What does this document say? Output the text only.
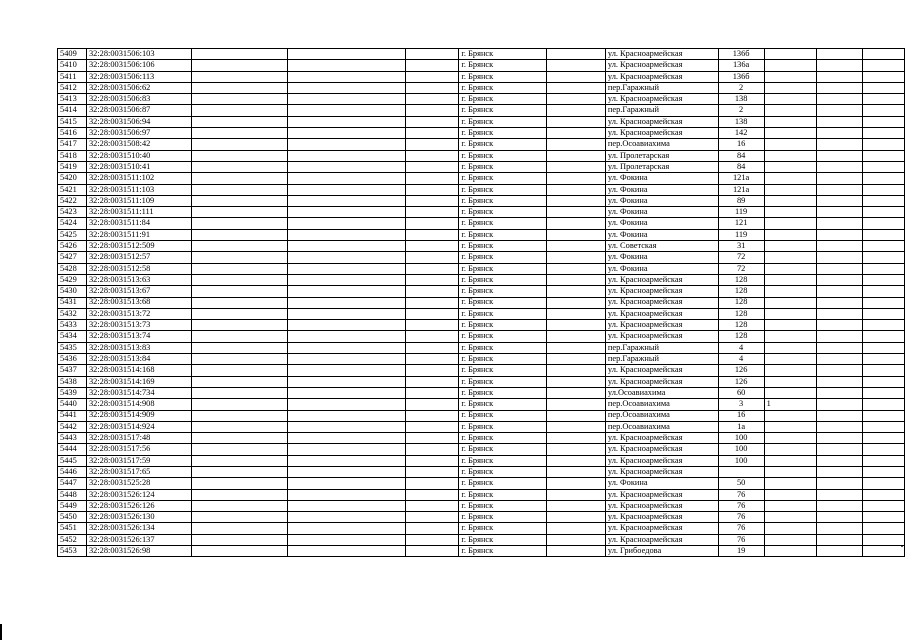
5409	32:28:0031506:103				г. Брянск		ул. Красноармейская	136б			
5410	32:28:0031506:106				г. Брянск		ул. Красноармейская	136а			
5411	32:28:0031506:113				г. Брянск		ул. Красноармейская	136б			
5412	32:28:0031506:62				г. Брянск		пер.Гаражный	2			
5413	32:28:0031506:83				г. Брянск		ул. Красноармейская	138			
5414	32:28:0031506:87				г. Брянск		пер.Гаражный	2			
5415	32:28:0031506:94				г. Брянск		ул. Красноармейская	138			
5416	32:28:0031506:97				г. Брянск		ул. Красноармейская	142			
5417	32:28:0031508:42				г. Брянск		пер.Осоавиахима	16			
5418	32:28:0031510:40				г. Брянск		ул. Пролетарская	84			
5419	32:28:0031510:41				г. Брянск		ул. Пролетарская	84			
5420	32:28:0031511:102				г. Брянск		ул. Фокина	121а			
5421	32:28:0031511:103				г. Брянск		ул. Фокина	121а			
5422	32:28:0031511:109				г. Брянск		ул. Фокина	89			
5423	32:28:0031511:111				г. Брянск		ул. Фокина	119			
5424	32:28:0031511:84				г. Брянск		ул. Фокина	121			
5425	32:28:0031511:91				г. Брянск		ул. Фокина	119			
5426	32:28:0031512:509				г. Брянск		ул. Советская	31			
5427	32:28:0031512:57				г. Брянск		ул. Фокина	72			
5428	32:28:0031512:58				г. Брянск		ул. Фокина	72			
5429	32:28:0031513:63				г. Брянск		ул. Красноармейская	128			
5430	32:28:0031513:67				г. Брянск		ул. Красноармейская	128			
5431	32:28:0031513:68				г. Брянск		ул. Красноармейская	128			
5432	32:28:0031513:72				г. Брянск		ул. Красноармейская	128			
5433	32:28:0031513:73				г. Брянск		ул. Красноармейская	128			
5434	32:28:0031513:74				г. Брянск		ул. Красноармейская	128			
5435	32:28:0031513:83				г. Брянск		пер.Гаражный	4			
5436	32:28:0031513:84				г. Брянск		пер.Гаражный	4			
5437	32:28:0031514:168				г. Брянск		ул. Красноармейская	126			
5438	32:28:0031514:169				г. Брянск		ул. Красноармейская	126			
5439	32:28:0031514:734				г. Брянск		ул.Осоавиахима	60			
5440	32:28:0031514:908				г. Брянск		пер.Осоавиахима	3	1		
5441	32:28:0031514:909				г. Брянск		пер.Осоавиахима	16			
5442	32:28:0031514:924				г. Брянск		пер.Осоавиахима	1а			
5443	32:28:0031517:48				г. Брянск		ул. Красноармейская	100			
5444	32:28:0031517:56				г. Брянск		ул. Красноармейская	100			
5445	32:28:0031517:59				г. Брянск		ул. Красноармейская	100			
5446	32:28:0031517:65				г. Брянск		ул. Красноармейская				
5447	32:28:0031525:28				г. Брянск		ул. Фокина	50			
5448	32:28:0031526:124				г. Брянск		ул. Красноармейская	76			
5449	32:28:0031526:126				г. Брянск		ул. Красноармейская	76			
5450	32:28:0031526:130				г. Брянск		ул. Красноармейская	76			
5451	32:28:0031526:134				г. Брянск		ул. Красноармейская	76			
5452	32:28:0031526:137				г. Брянск		ул. Красноармейская	76			
5453	32:28:0031526:98				г. Брянск		ул. Грибоедова	19			
